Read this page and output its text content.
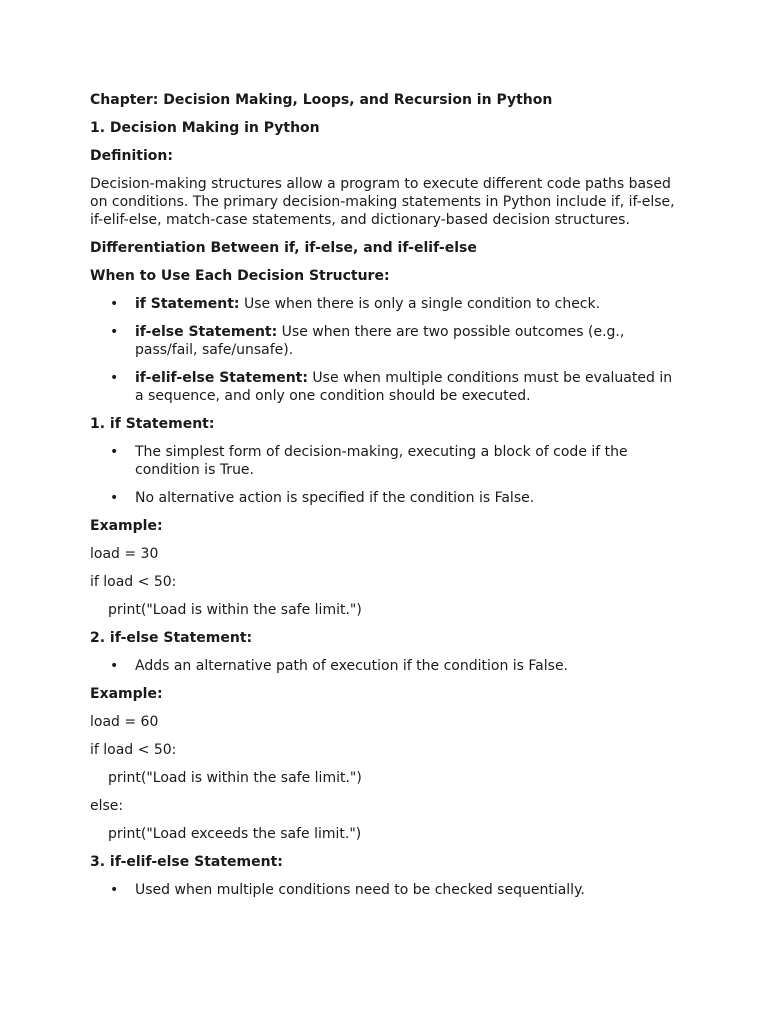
Chapter: Decision Making, Loops, and Recursion in Python

1. Decision Making in Python

Definition:

Decision-making structures allow a program to execute different code paths based on conditions. The primary decision-making statements in Python include if, if-else, if-elif-else, match-case statements, and dictionary-based decision structures.

Differentiation Between if, if-else, and if-elif-else

When to Use Each Decision Structure:

• if Statement: Use when there is only a single condition to check.
• if-else Statement: Use when there are two possible outcomes (e.g., pass/fail, safe/unsafe).
• if-elif-else Statement: Use when multiple conditions must be evaluated in a sequence, and only one condition should be executed.

1. if Statement:

• The simplest form of decision-making, executing a block of code if the condition is True.
• No alternative action is specified if the condition is False.

Example:

load = 30

if load < 50:

print("Load is within the safe limit.")

2. if-else Statement:

• Adds an alternative path of execution if the condition is False.

Example:

load = 60

if load < 50:

print("Load is within the safe limit.")

else:

print("Load exceeds the safe limit.")

3. if-elif-else Statement:

• Used when multiple conditions need to be checked sequentially.
